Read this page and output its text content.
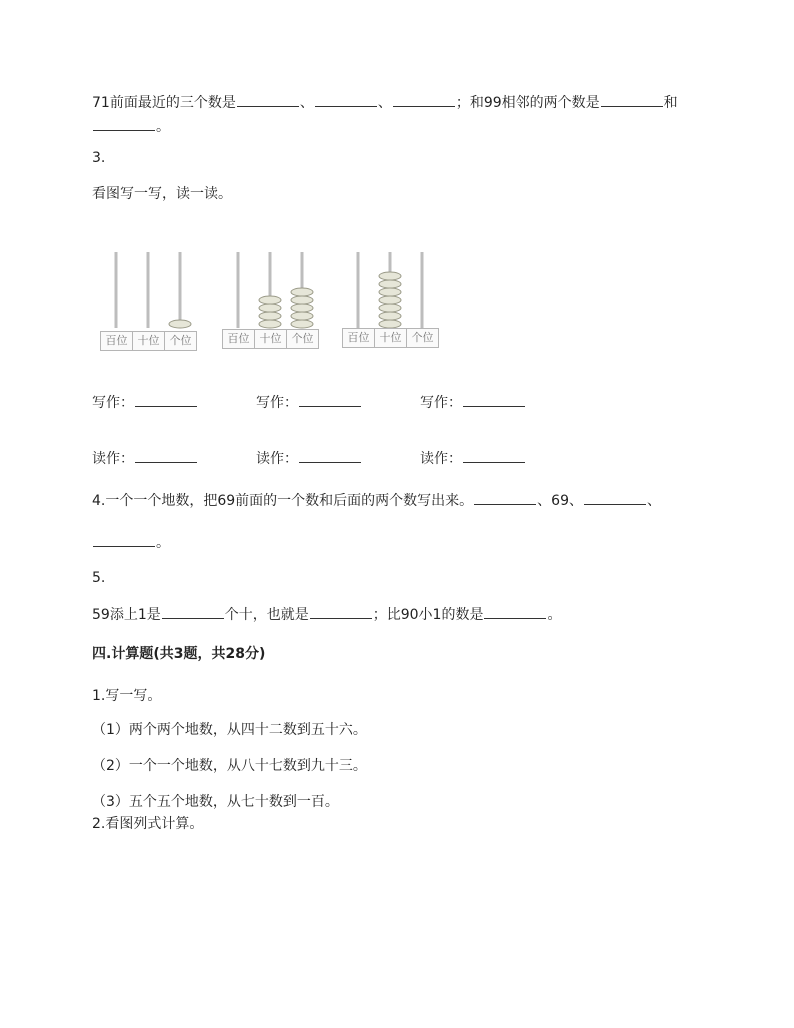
71前面最近的三个数是	、	、	；和99相邻的两个数是	和
。
3.
看图写一写，读一读。
百位 十位 个位	百位 十位 个位	百位 十位 个位
写作：	写作：	写作：
读作：	读作：	读作：
4.一个一个地数，把69前面的一个数和后面的两个数写出来。	、69、	、
。
5.
59添上1是	个十，也就是	；比90小1的数是	。
四.计算题(共3题，共28分)
1.写一写。
（1）两个两个地数，从四十二数到五十六。
（2）一个一个地数，从八十七数到九十三。
（3）五个五个地数，从七十数到一百。
2.看图列式计算。
